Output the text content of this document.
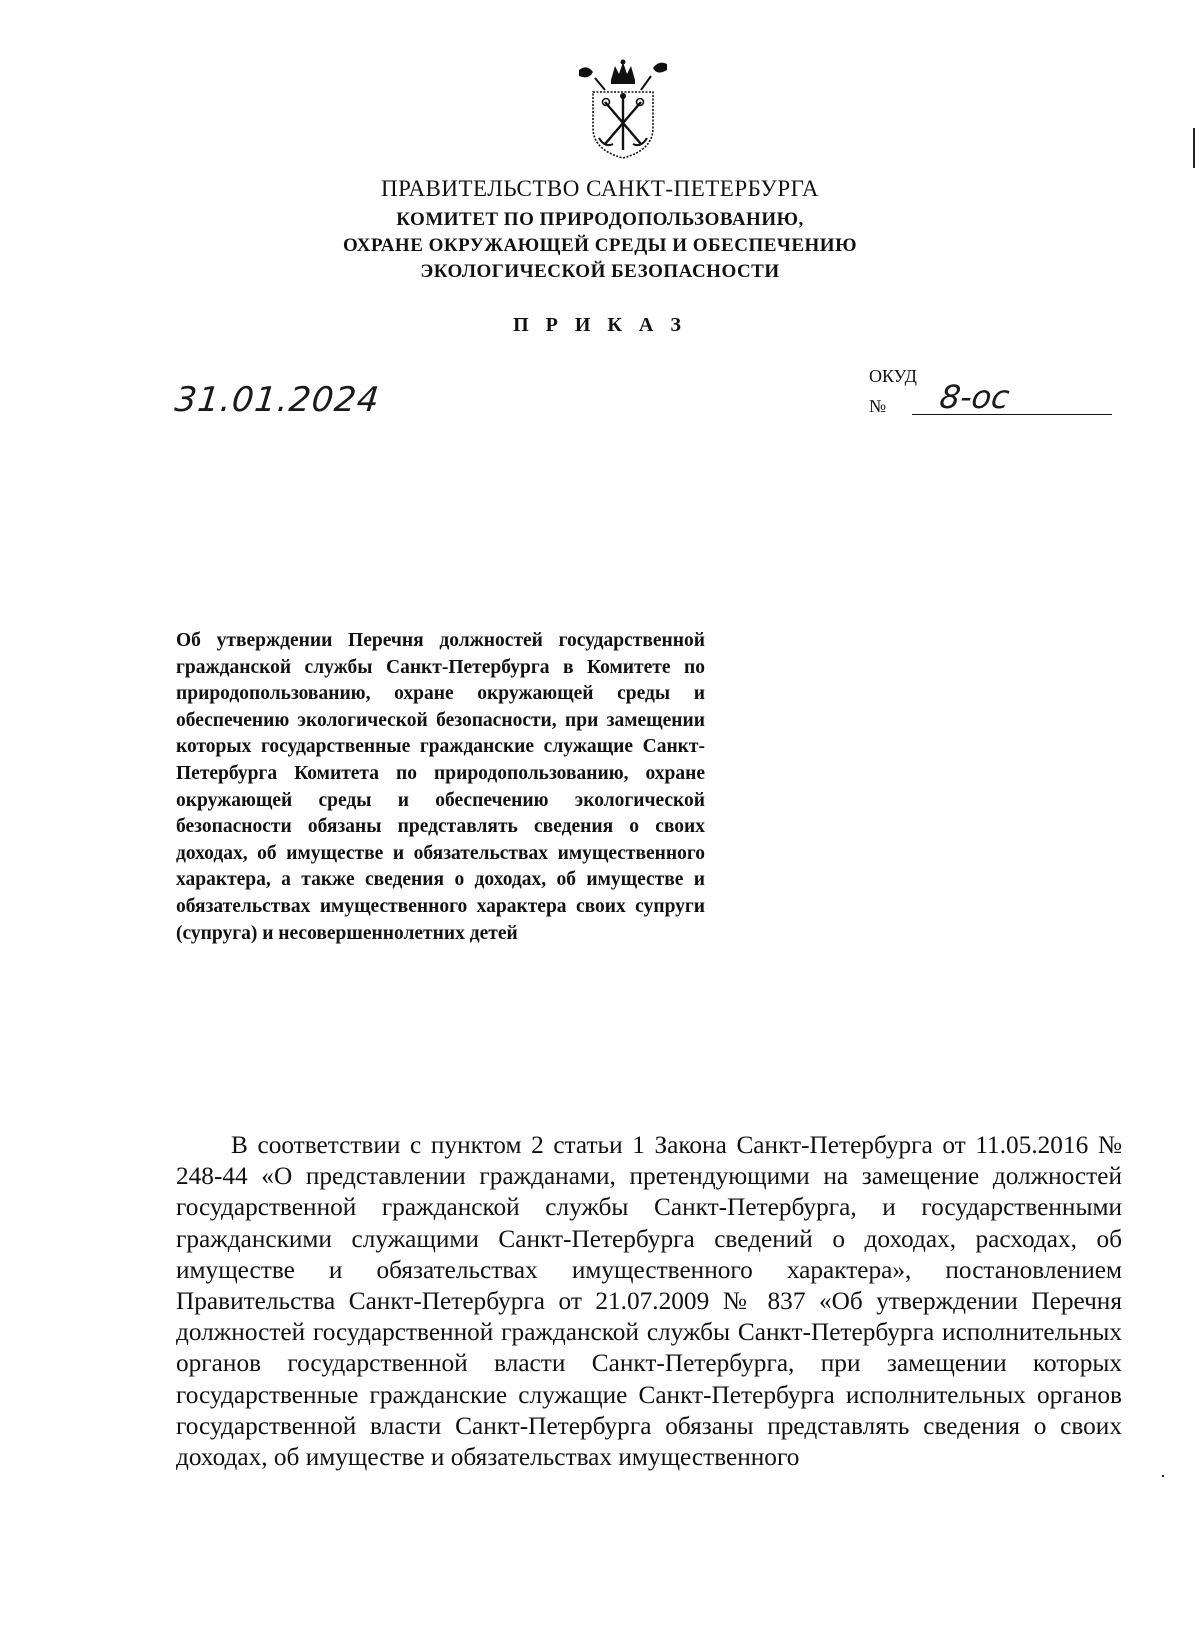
ПРАВИТЕЛЬСТВО САНКТ-ПЕТЕРБУРГА
КОМИТЕТ ПО ПРИРОДОПОЛЬЗОВАНИЮ,
ОХРАНЕ ОКРУЖАЮЩЕЙ СРЕДЫ И ОБЕСПЕЧЕНИЮ
ЭКОЛОГИЧЕСКОЙ БЕЗОПАСНОСТИ
П Р И К А З
31.01.2024
ОКУД
№ 8-ос
Об утверждении Перечня должностей государственной гражданской службы Санкт-Петербурга в Комитете по природопользованию, охране окружающей среды и обеспечению экологической безопасности, при замещении которых государственные гражданские служащие Санкт-Петербурга Комитета по природопользованию, охране окружающей среды и обеспечению экологической безопасности обязаны представлять сведения о своих доходах, об имуществе и обязательствах имущественного характера, а также сведения о доходах, об имуществе и обязательствах имущественного характера своих супруги (супруга) и несовершеннолетних детей
В соответствии с пунктом 2 статьи 1 Закона Санкт-Петербурга от 11.05.2016 № 248-44 «О представлении гражданами, претендующими на замещение должностей государственной гражданской службы Санкт-Петербурга, и государственными гражданскими служащими Санкт-Петербурга сведений о доходах, расходах, об имуществе и обязательствах имущественного характера», постановлением Правительства Санкт-Петербурга от 21.07.2009 № 837 «Об утверждении Перечня должностей государственной гражданской службы Санкт-Петербурга исполнительных органов государственной власти Санкт-Петербурга, при замещении которых государственные гражданские служащие Санкт-Петербурга исполнительных органов государственной власти Санкт-Петербурга обязаны представлять сведения о своих доходах, об имуществе и обязательствах имущественного
